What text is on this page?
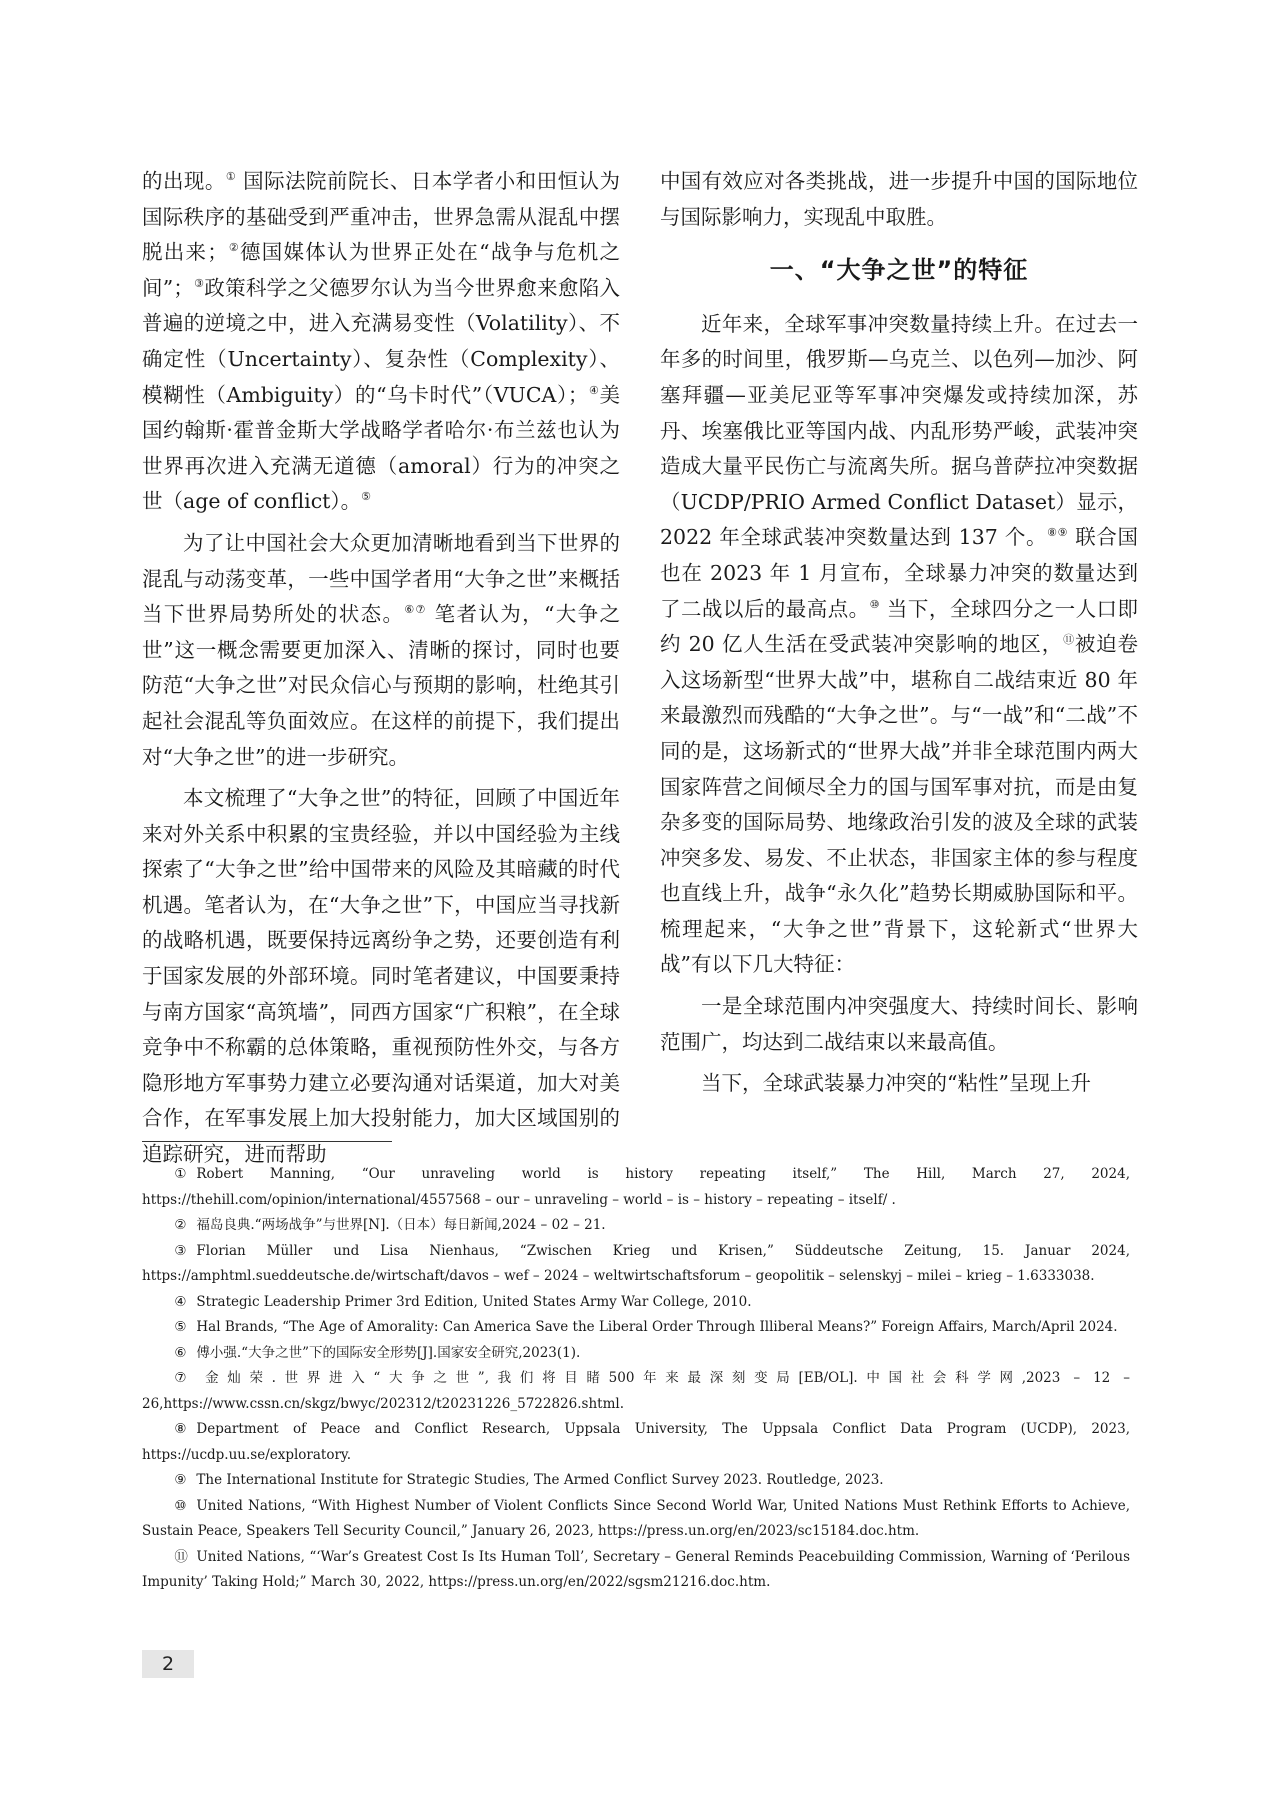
的出现。① 国际法院前院长、日本学者小和田恒认为国际秩序的基础受到严重冲击，世界急需从混乱中摆脱出来；②德国媒体认为世界正处在“战争与危机之间”；③政策科学之父德罗尔认为当今世界愈来愈陷入普遍的逆境之中，进入充满易变性（Volatility）、不确定性（Uncertainty）、复杂性（Complexity）、模糊性（Ambiguity）的“乌卡时代”（VUCA）；④美国约翰斯·霍普金斯大学战略学者哈尔·布兰兹也认为世界再次进入充满无道德（amoral）行为的冲突之世（age of conflict）。⑤

为了让中国社会大众更加清晰地看到当下世界的混乱与动荡变革，一些中国学者用“大争之世”来概括当下世界局势所处的状态。⑥⑦ 笔者认为，“大争之世”这一概念需要更加深入、清晰的探讨，同时也要防范“大争之世”对民众信心与预期的影响，杜绝其引起社会混乱等负面效应。在这样的前提下，我们提出对“大争之世”的进一步研究。

本文梳理了“大争之世”的特征，回顾了中国近年来对外关系中积累的宝贵经验，并以中国经验为主线探索了“大争之世”给中国带来的风险及其暗藏的时代机遇。笔者认为，在“大争之世”下，中国应当寻找新的战略机遇，既要保持远离纷争之势，还要创造有利于国家发展的外部环境。同时笔者建议，中国要秉持与南方国家“高筑墙”，同西方国家“广积粮”，在全球竞争中不称霸的总体策略，重视预防性外交，与各方隐形地方军事势力建立必要沟通对话渠道，加大对美合作，在军事发展上加大投射能力，加大区域国别的追踪研究，进而帮助

中国有效应对各类挑战，进一步提升中国的国际地位与国际影响力，实现乱中取胜。

一、“大争之世”的特征

近年来，全球军事冲突数量持续上升。在过去一年多的时间里，俄罗斯—乌克兰、以色列—加沙、阿塞拜疆—亚美尼亚等军事冲突爆发或持续加深，苏丹、埃塞俄比亚等国内战、内乱形势严峻，武装冲突造成大量平民伤亡与流离失所。据乌普萨拉冲突数据（UCDP/PRIO Armed Conflict Dataset）显示，2022 年全球武装冲突数量达到 137 个。⑧⑨ 联合国也在 2023 年 1 月宣布，全球暴力冲突的数量达到了二战以后的最高点。⑩ 当下，全球四分之一人口即约 20 亿人生活在受武装冲突影响的地区，⑪被迫卷入这场新型“世界大战”中，堪称自二战结束近 80 年来最激烈而残酷的“大争之世”。与“一战”和“二战”不同的是，这场新式的“世界大战”并非全球范围内两大国家阵营之间倾尽全力的国与国军事对抗，而是由复杂多变的国际局势、地缘政治引发的波及全球的武装冲突多发、易发、不止状态，非国家主体的参与程度也直线上升，战争“永久化”趋势长期威胁国际和平。梳理起来，“大争之世”背景下，这轮新式“世界大战”有以下几大特征：

一是全球范围内冲突强度大、持续时间长、影响范围广，均达到二战结束以来最高值。

当下，全球武装暴力冲突的“粘性”呈现上升

① Robert Manning, “Our unraveling world is history repeating itself,” The Hill, March 27, 2024, https://thehill.com/opinion/international/4557568 – our – unraveling – world – is – history – repeating – itself/ .

② 福岛良典.“两场战争”与世界[N].（日本）每日新闻,2024 – 02 – 21.

③ Florian Müller und Lisa Nienhaus, “Zwischen Krieg und Krisen,” Süddeutsche Zeitung, 15. Januar 2024, https://amphtml.sueddeutsche.de/wirtschaft/davos – wef – 2024 – weltwirtschaftsforum – geopolitik – selenskyj – milei – krieg – 1.6333038.

④ Strategic Leadership Primer 3rd Edition, United States Army War College, 2010.

⑤ Hal Brands, “The Age of Amorality: Can America Save the Liberal Order Through Illiberal Means?” Foreign Affairs, March/April 2024.

⑥ 傅小强.“大争之世”下的国际安全形势[J].国家安全研究,2023(1).

⑦ 金灿荣.世界进入“大争之世”,我们将目睹500年来最深刻变局[EB/OL].中国社会科学网,2023 – 12 – 26,https://www.cssn.cn/skgz/bwyc/202312/t20231226_5722826.shtml.

⑧ Department of Peace and Conflict Research, Uppsala University, The Uppsala Conflict Data Program (UCDP), 2023, https://ucdp.uu.se/exploratory.

⑨ The International Institute for Strategic Studies, The Armed Conflict Survey 2023. Routledge, 2023.

⑩ United Nations, “With Highest Number of Violent Conflicts Since Second World War, United Nations Must Rethink Efforts to Achieve, Sustain Peace, Speakers Tell Security Council,” January 26, 2023, https://press.un.org/en/2023/sc15184.doc.htm.

⑪ United Nations, “‘War’s Greatest Cost Is Its Human Toll’, Secretary – General Reminds Peacebuilding Commission, Warning of ‘Perilous Impunity’ Taking Hold;” March 30, 2022, https://press.un.org/en/2022/sgsm21216.doc.htm.

2
